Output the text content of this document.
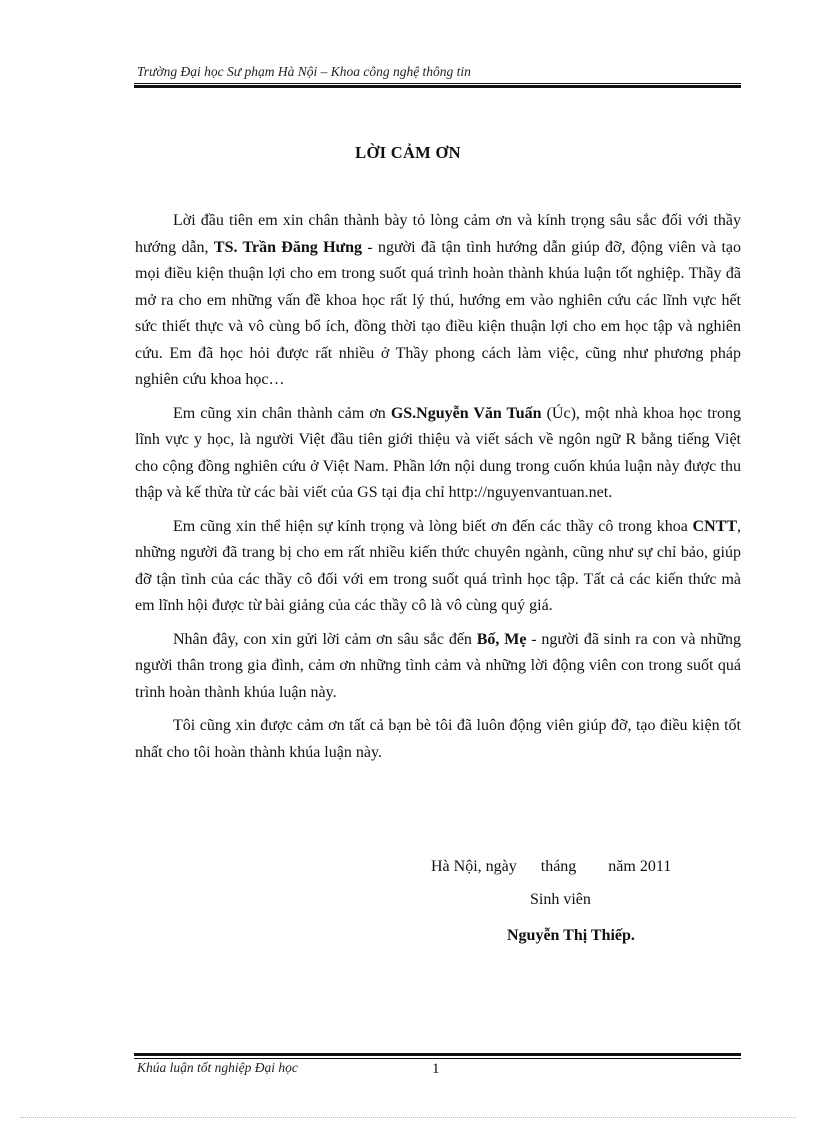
Trường Đại học Sư phạm Hà Nội – Khoa công nghệ thông tin
LỜI CẢM ƠN

Lời đầu tiên em xin chân thành bày tỏ lòng cảm ơn và kính trọng sâu sắc đối với thầy hướng dẫn, TS. Trần Đăng Hưng - người đã tận tình hướng dẫn giúp đỡ, động viên và tạo mọi điều kiện thuận lợi cho em trong suốt quá trình hoàn thành khúa luận tốt nghiệp. Thầy đã mở ra cho em những vấn đề khoa học rất lý thú, hướng em vào nghiên cứu các lĩnh vực hết sức thiết thực và vô cùng bổ ích, đồng thời tạo điều kiện thuận lợi cho em học tập và nghiên cứu. Em đã học hỏi được rất nhiều ở Thầy phong cách làm việc, cũng như phương pháp nghiên cứu khoa học…

Em cũng xin chân thành cảm ơn GS.Nguyễn Văn Tuấn (Úc), một nhà khoa học trong lĩnh vực y học, là người Việt đầu tiên giới thiệu và viết sách về ngôn ngữ R bằng tiếng Việt cho cộng đồng nghiên cứu ở Việt Nam. Phần lớn nội dung trong cuốn khúa luận này được thu thập và kế thừa từ các bài viết của GS tại địa chỉ http://nguyenvantuan.net.

Em cũng xin thể hiện sự kính trọng và lòng biết ơn đến các thầy cô trong khoa CNTT, những người đã trang bị cho em rất nhiều kiến thức chuyên ngành, cũng như sự chỉ bảo, giúp đỡ tận tình của các thầy cô đối với em trong suốt quá trình học tập. Tất cả các kiến thức mà em lĩnh hội được từ bài giảng của các thầy cô là vô cùng quý giá.

Nhân đây, con xin gửi lời cảm ơn sâu sắc đến Bố, Mẹ - người đã sinh ra con và những người thân trong gia đình, cảm ơn những tình cảm và những lời động viên con trong suốt quá trình hoàn thành khúa luận này.

Tôi cũng xin được cảm ơn tất cả bạn bè tôi đã luôn động viên giúp đỡ, tạo điều kiện tốt nhất cho tôi hoàn thành khúa luận này.

Hà Nội, ngày      tháng        năm 2011
Sinh viên
Nguyễn Thị Thiếp.
Khúa luận tốt nghiệp Đại học	1
